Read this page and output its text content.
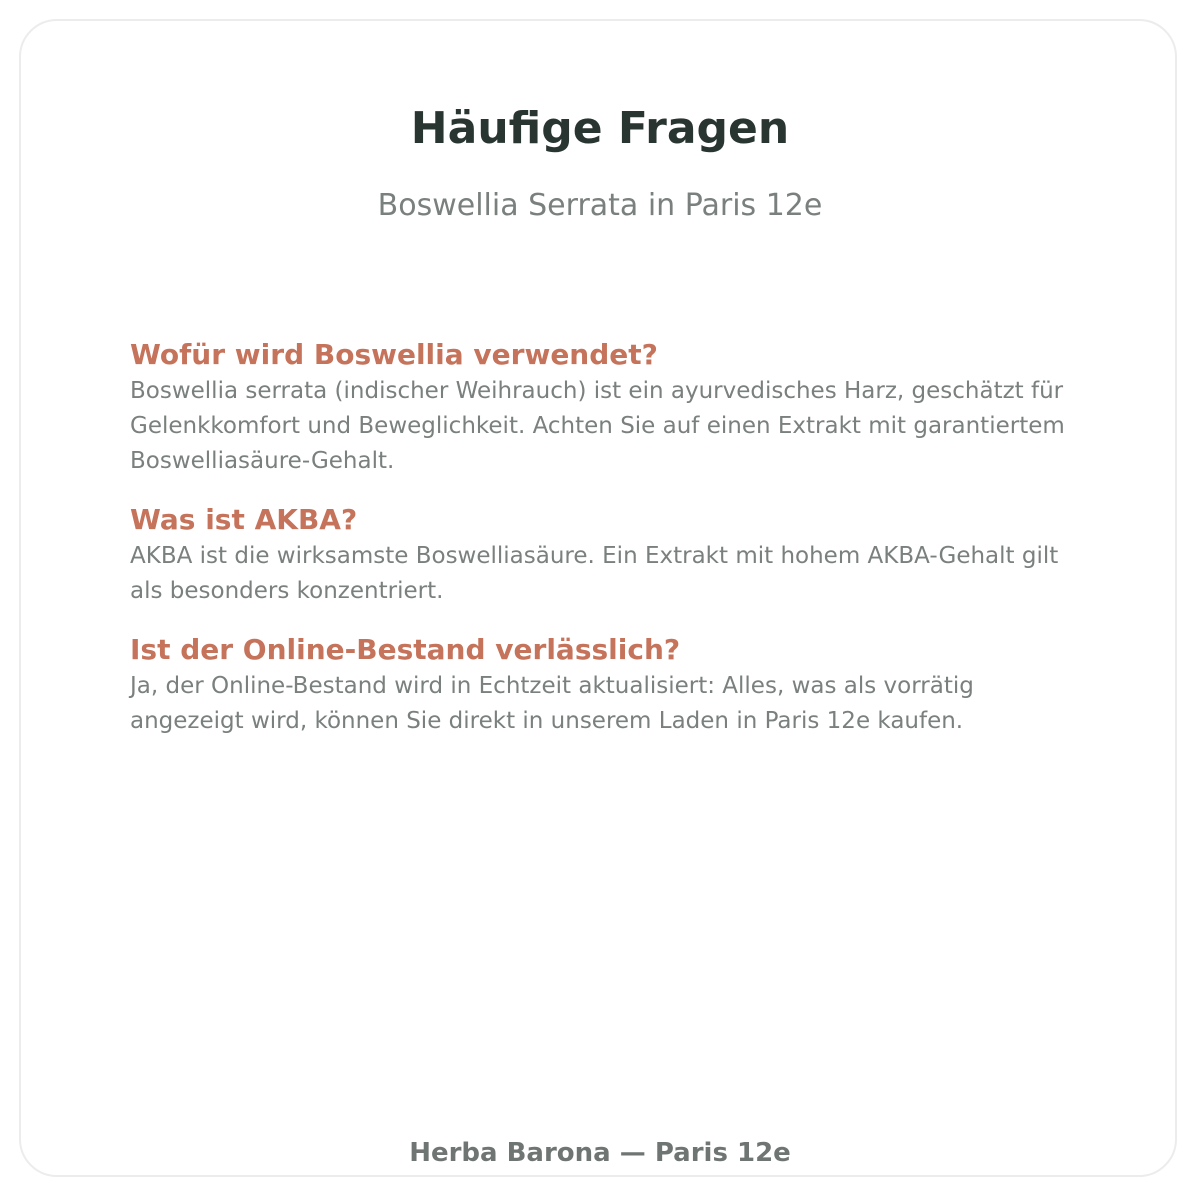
Häufige Fragen

Boswellia Serrata in Paris 12e

Wofür wird Boswellia verwendet?

Boswellia serrata (indischer Weihrauch) ist ein ayurvedisches Harz, geschätzt für Gelenkkomfort und Beweglichkeit. Achten Sie auf einen Extrakt mit garantiertem Boswelliasäure-Gehalt.

Was ist AKBA?

AKBA ist die wirksamste Boswelliasäure. Ein Extrakt mit hohem AKBA-Gehalt gilt als besonders konzentriert.

Ist der Online-Bestand verlässlich?

Ja, der Online-Bestand wird in Echtzeit aktualisiert: Alles, was als vorrätig angezeigt wird, können Sie direkt in unserem Laden in Paris 12e kaufen.

Herba Barona — Paris 12e
